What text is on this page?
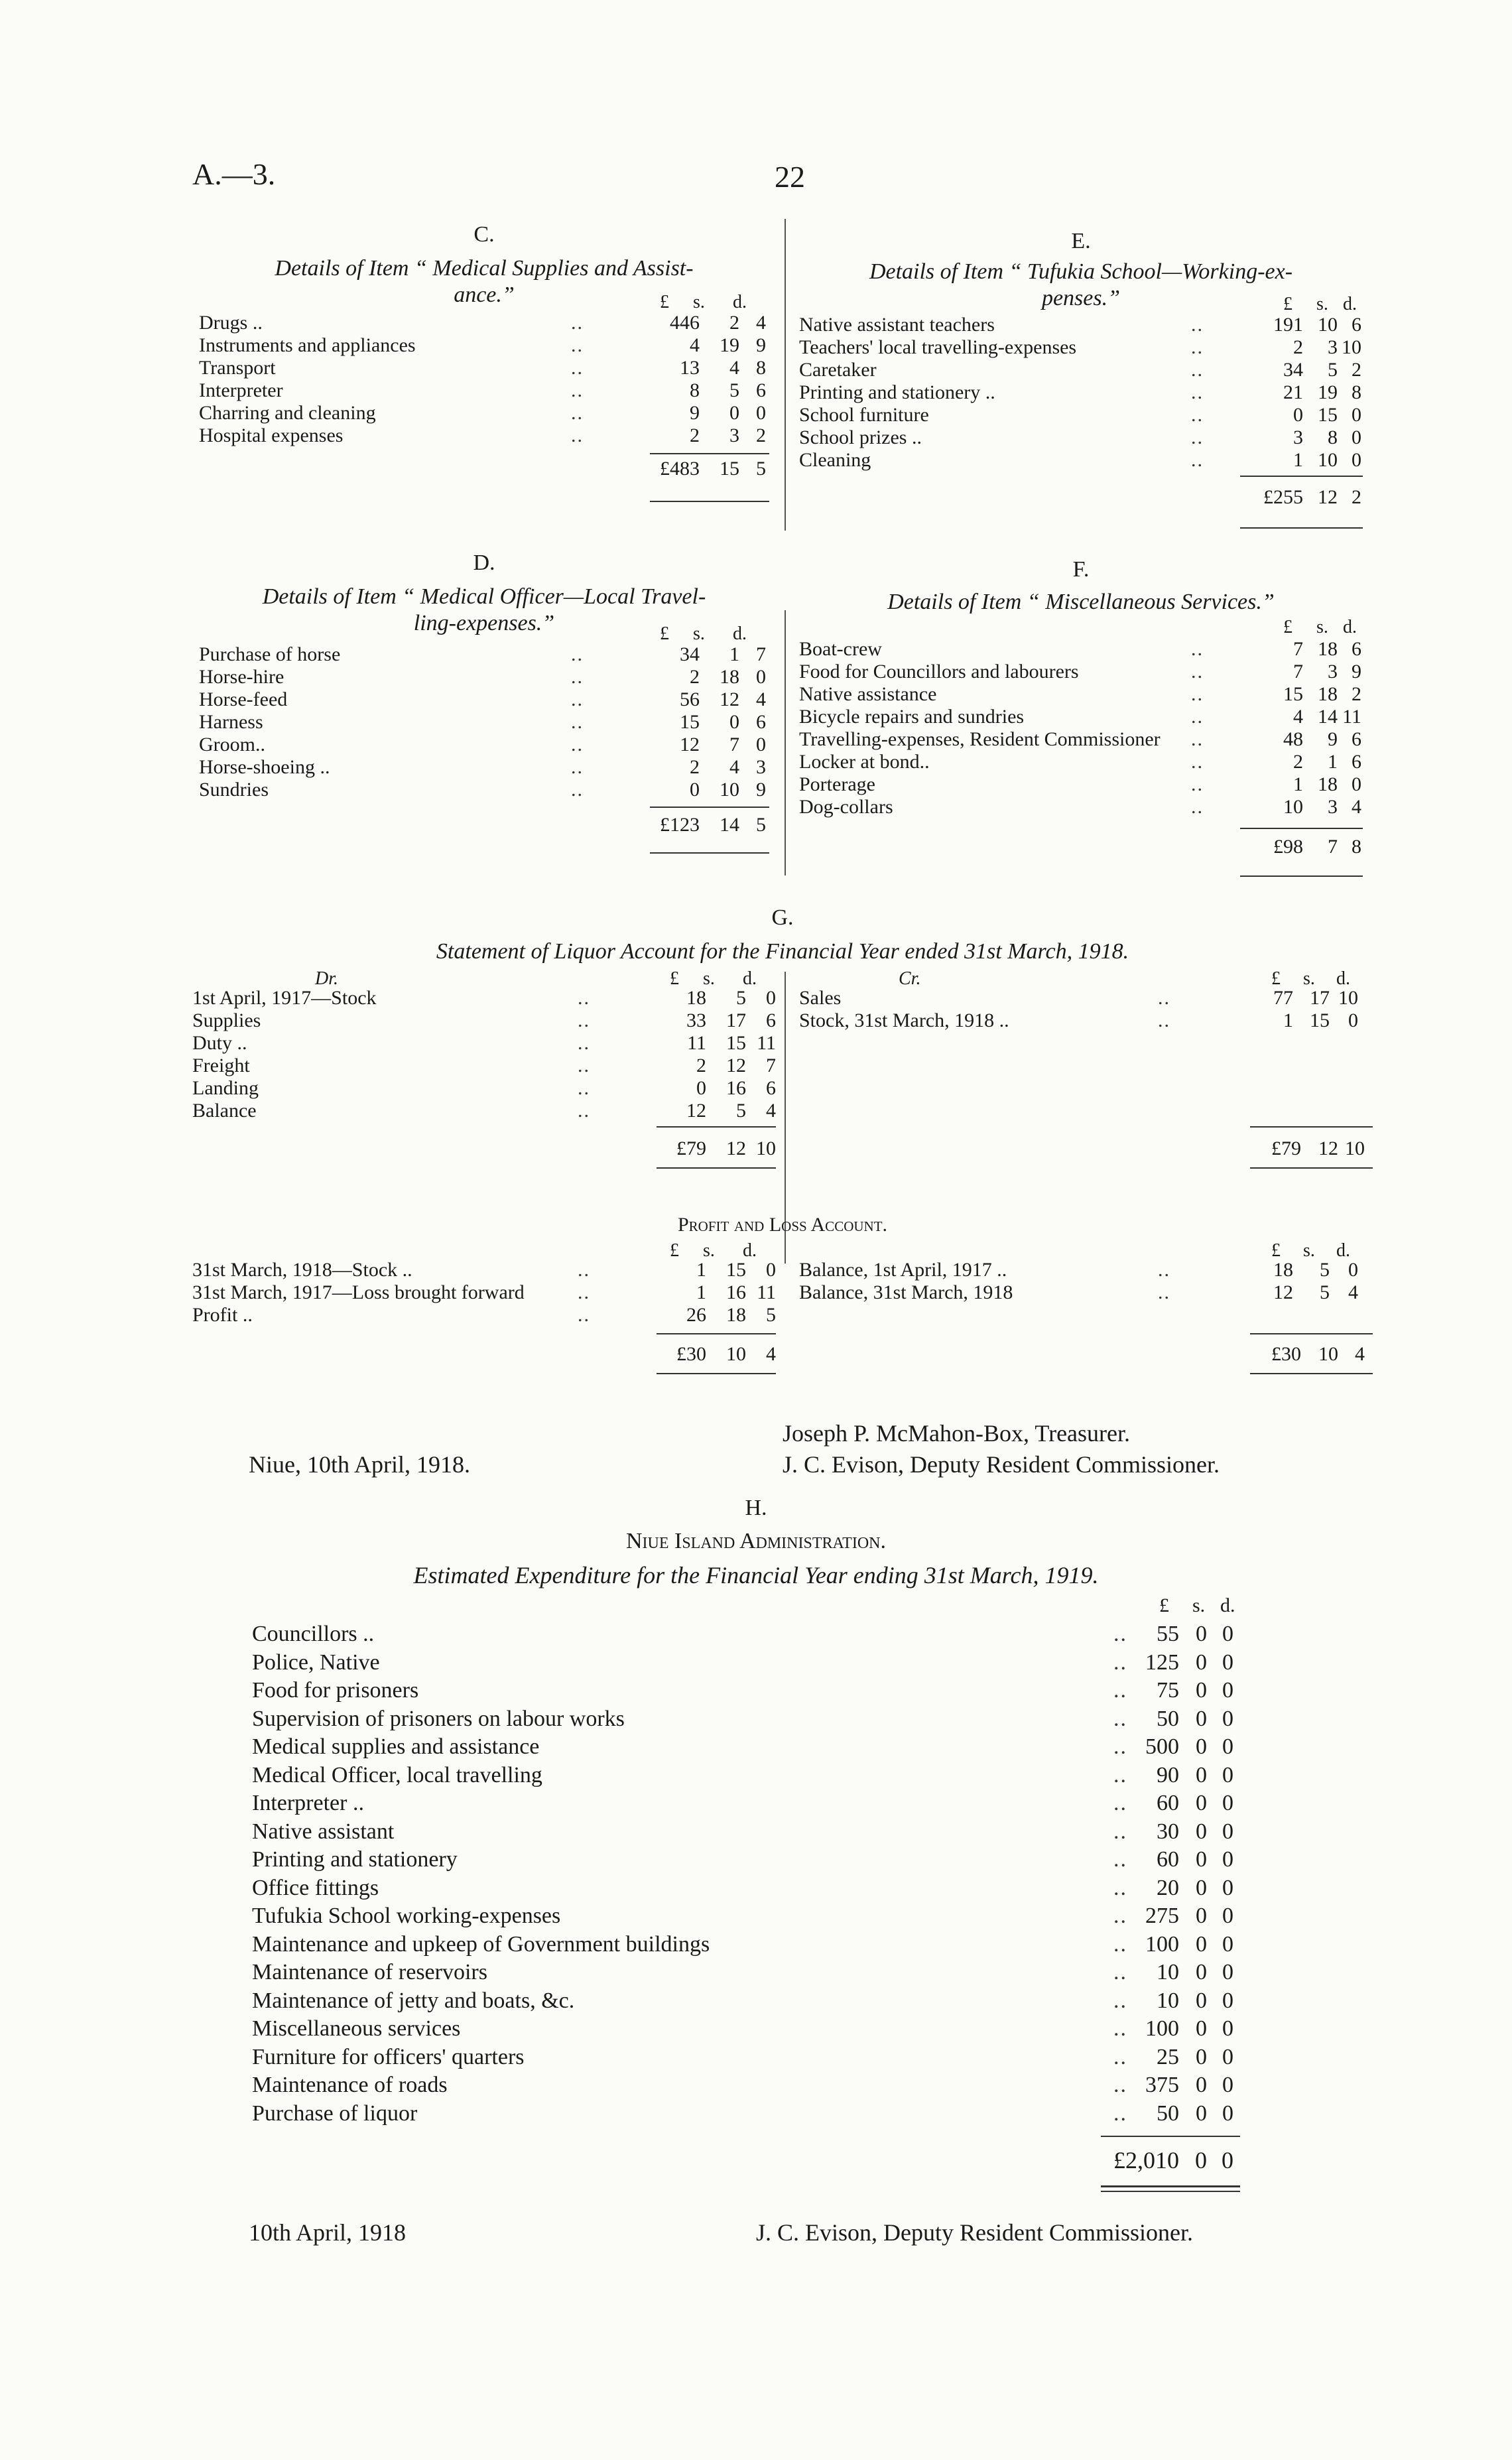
A.—3.	22
C.
Details of Item “ Medical Supplies and Assist-
ance.”	£ s. d.
Drugs ..	..	446 2 4
Instruments and appliances	..	4 19 9
Transport	..	13 4 8
Interpreter	..	8 5 6
Charring and cleaning	..	9 0 0
Hospital expenses	..	2 3 2
£483 15 5
E.
Details of Item “ Tufukia School—Working-ex-
penses.”	£ s. d.
Native assistant teachers	..	191 10 6
Teachers' local travelling-expenses	..	2 3 10
Caretaker	..	34 5 2
Printing and stationery ..	..	21 19 8
School furniture	..	0 15 0
School prizes ..	..	3 8 0
Cleaning	..	1 10 0
£255 12 2
D.
Details of Item “ Medical Officer—Local Travel-
ling-expenses.”	£ s. d.
Purchase of horse	..	34 1 7
Horse-hire	..	2 18 0
Horse-feed	..	56 12 4
Harness	..	15 0 6
Groom..	..	12 7 0
Horse-shoeing ..	..	2 4 3
Sundries	..	0 10 9
£123 14 5
F.
Details of Item “ Miscellaneous Services.”
£ s. d.
Boat-crew	..	7 18 6
Food for Councillors and labourers	..	7 3 9
Native assistance	..	15 18 2
Bicycle repairs and sundries	..	4 14 11
Travelling-expenses, Resident Commissioner ..	48 9 6
Locker at bond..	..	2 1 6
Porterage	..	1 18 0
Dog-collars	..	10 3 4
£98 7 8
G.
Statement of Liquor Account for the Financial Year ended 31st March, 1918.
Dr.	£ s. d.
1st April, 1917—Stock	..	18 5 0
Supplies	..	33 17 6
Duty ..	..	11 15 11
Freight	..	2 12 7
Landing	..	0 16 6
Balance	..	12 5 4
£79 12 10
Cr.	£ s. d.
Sales	..	77 17 10
Stock, 31st March, 1918 ..	..	1 15 0
£79 12 10
Profit and Loss Account.
£ s. d.
31st March, 1918—Stock ..	..	1 15 0
31st March, 1917—Loss brought forward	..	1 16 11
Profit ..	..	26 18 5
£30 10 4
£ s. d.
Balance, 1st April, 1917 ..	..	18 5 0
Balance, 31st March, 1918	..	12 5 4
£30 10 4
Joseph P. McMahon-Box, Treasurer.
Niue, 10th April, 1918.	J. C. Evison, Deputy Resident Commissioner.
H.
Niue Island Administration.
Estimated Expenditure for the Financial Year ending 31st March, 1919.
£ s. d.
Councillors ..	.. 55 0 0
Police, Native	.. 125 0 0
Food for prisoners	.. 75 0 0
Supervision of prisoners on labour works	.. 50 0 0
Medical supplies and assistance	.. 500 0 0
Medical Officer, local travelling	.. 90 0 0
Interpreter ..	.. 60 0 0
Native assistant	.. 30 0 0
Printing and stationery	.. 60 0 0
Office fittings	.. 20 0 0
Tufukia School working-expenses	.. 275 0 0
Maintenance and upkeep of Government buildings	.. 100 0 0
Maintenance of reservoirs	.. 10 0 0
Maintenance of jetty and boats, &c.	.. 10 0 0
Miscellaneous services	.. 100 0 0
Furniture for officers' quarters	.. 25 0 0
Maintenance of roads	.. 375 0 0
Purchase of liquor	.. 50 0 0
£2,010 0 0
10th April, 1918	J. C. Evison, Deputy Resident Commissioner.
